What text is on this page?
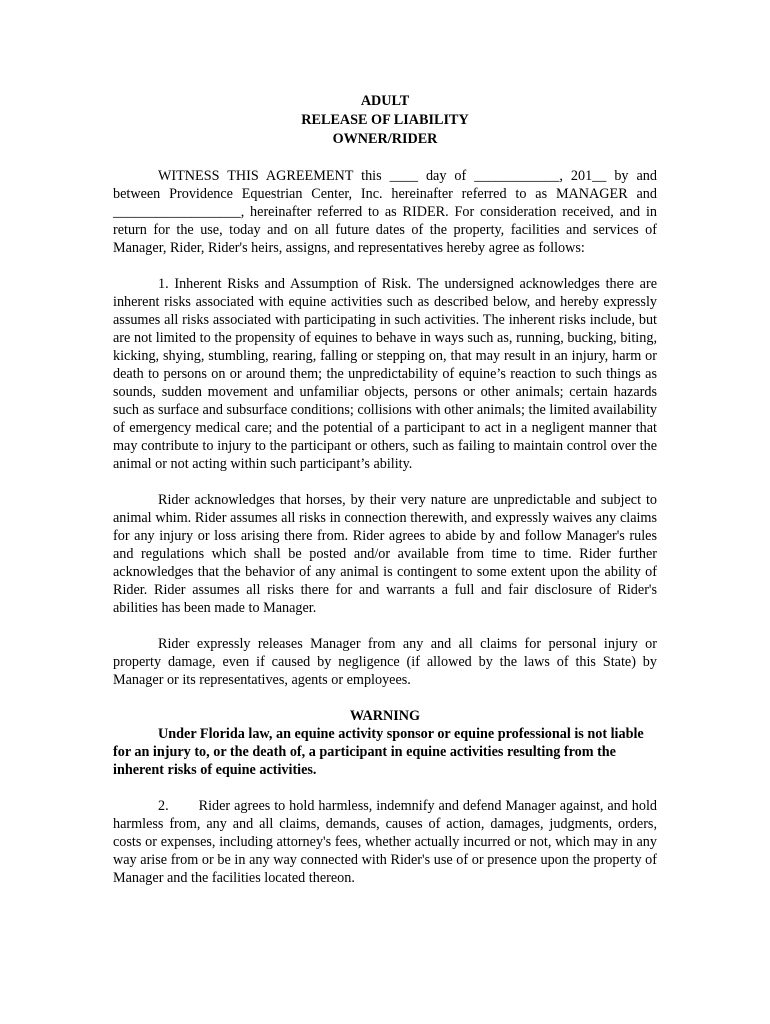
ADULT
RELEASE OF LIABILITY
OWNER/RIDER

WITNESS THIS AGREEMENT this ____ day of ____________, 201__ by and between Providence Equestrian Center, Inc. hereinafter referred to as MANAGER and __________________, hereinafter referred to as RIDER. For consideration received, and in return for the use, today and on all future dates of the property, facilities and services of Manager, Rider, Rider's heirs, assigns, and representatives hereby agree as follows:

1. Inherent Risks and Assumption of Risk. The undersigned acknowledges there are inherent risks associated with equine activities such as described below, and hereby expressly assumes all risks associated with participating in such activities. The inherent risks include, but are not limited to the propensity of equines to behave in ways such as, running, bucking, biting, kicking, shying, stumbling, rearing, falling or stepping on, that may result in an injury, harm or death to persons on or around them; the unpredictability of equine’s reaction to such things as sounds, sudden movement and unfamiliar objects, persons or other animals; certain hazards such as surface and subsurface conditions; collisions with other animals; the limited availability of emergency medical care; and the potential of a participant to act in a negligent manner that may contribute to injury to the participant or others, such as failing to maintain control over the animal or not acting within such participant’s ability.

Rider acknowledges that horses, by their very nature are unpredictable and subject to animal whim. Rider assumes all risks in connection therewith, and expressly waives any claims for any injury or loss arising there from. Rider agrees to abide by and follow Manager's rules and regulations which shall be posted and/or available from time to time. Rider further acknowledges that the behavior of any animal is contingent to some extent upon the ability of Rider. Rider assumes all risks there for and warrants a full and fair disclosure of Rider's abilities has been made to Manager.

Rider expressly releases Manager from any and all claims for personal injury or property damage, even if caused by negligence (if allowed by the laws of this State) by Manager or its representatives, agents or employees.

WARNING

Under Florida law, an equine activity sponsor or equine professional is not liable for an injury to, or the death of, a participant in equine activities resulting from the inherent risks of equine activities.

2. Rider agrees to hold harmless, indemnify and defend Manager against, and hold harmless from, any and all claims, demands, causes of action, damages, judgments, orders, costs or expenses, including attorney's fees, whether actually incurred or not, which may in any way arise from or be in any way connected with Rider's use of or presence upon the property of Manager and the facilities located thereon.
